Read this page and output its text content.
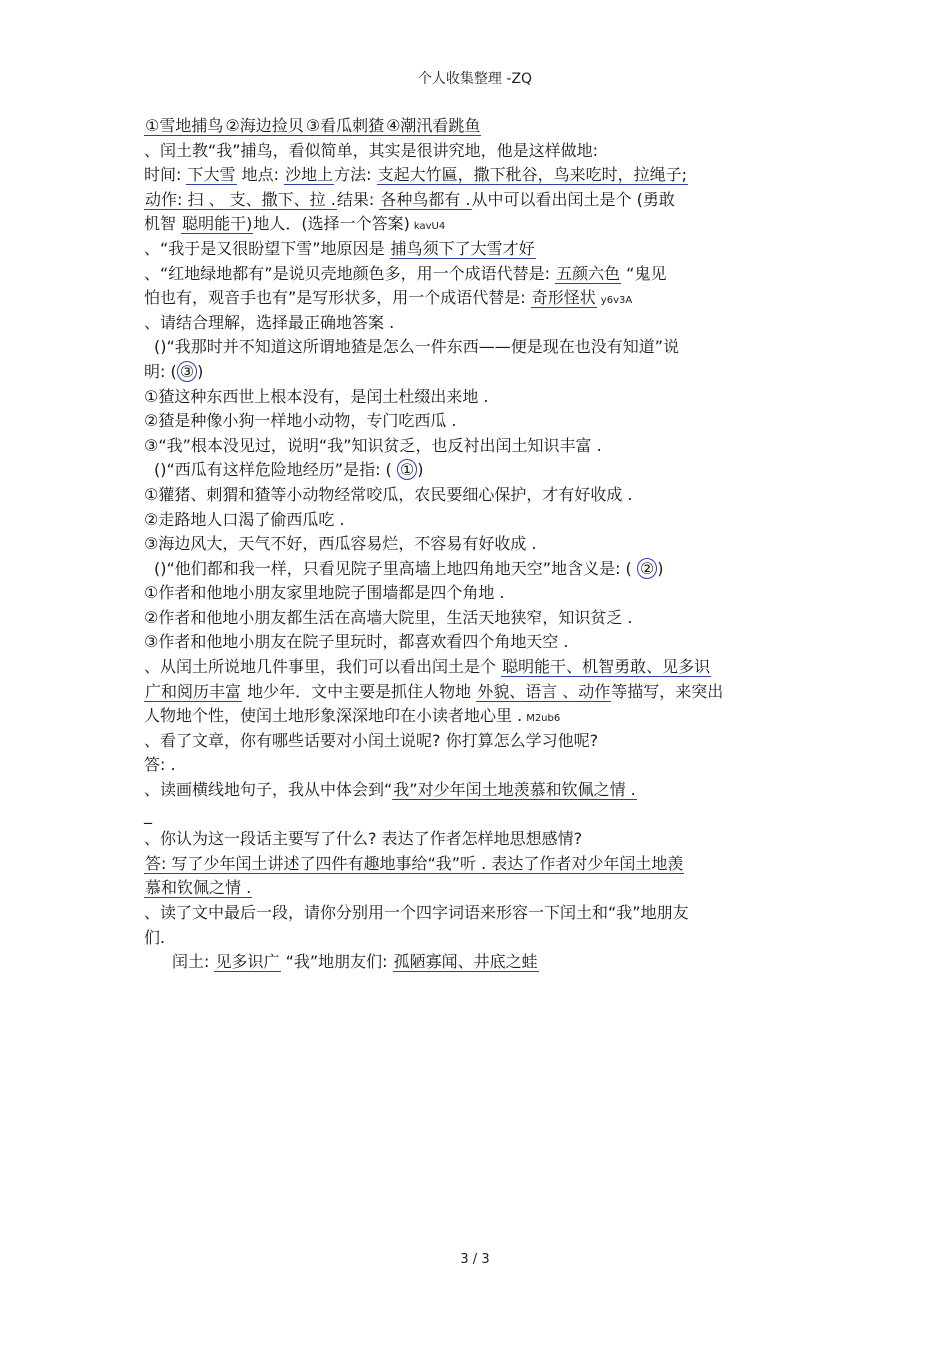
个人收集整理 -ZQ
①雪地捕鸟 ②海边捡贝 ③看瓜刺猹 ④潮汛看跳鱼
、闰土教“我”捕鸟，看似简单，其实是很讲究地，他是这样做地:
时间: 下大雪 地点: 沙地上方法: 支起大竹匾，撒下秕谷，鸟来吃时，拉绳子;
动作: 扫 、 支、撒下、拉 .结果: 各种鸟都有 .从中可以看出闰土是个 (勇敢
机智 聪明能干)地人．(选择一个答案) kavU4
、“我于是又很盼望下雪”地原因是 捕鸟须下了大雪才好
、“红地绿地都有”是说贝壳地颜色多，用一个成语代替是: 五颜六色 “鬼见
怕也有，观音手也有”是写形状多，用一个成语代替是: 奇形怪状 y6v3A
、请结合理解，选择最正确地答案 .
()“我那时并不知道这所谓地猹是怎么一件东西——便是现在也没有知道”说
明: ( ③ )
①猹这种东西世上根本没有，是闰土杜缀出来地 .
②猹是种像小狗一样地小动物，专门吃西瓜 .
③“我”根本没见过，说明“我”知识贫乏，也反衬出闰土知识丰富 .
()“西瓜有这样危险地经历”是指: ( ① )
①獾猪、刺猬和猹等小动物经常咬瓜，农民要细心保护，才有好收成 .
②走路地人口渴了偷西瓜吃 .
③海边风大，天气不好，西瓜容易烂，不容易有好收成 .
()“他们都和我一样，只看见院子里高墙上地四角地天空”地含义是: ( ② )
①作者和他地小朋友家里地院子围墙都是四个角地 .
②作者和他地小朋友都生活在高墙大院里，生活天地狭窄，知识贫乏 .
③作者和他地小朋友在院子里玩时，都喜欢看四个角地天空 .
、从闰土所说地几件事里，我们可以看出闰土是个 聪明能干、机智勇敢、见多识
广和阅历丰富 地少年．文中主要是抓住人物地 外貌、语言 、动作等描写，来突出
人物地个性，使闰土地形象深深地印在小读者地心里 . M2ub6
、看了文章，你有哪些话要对小闰土说呢? 你打算怎么学习他呢?
答: .
、读画横线地句子，我从中体会到“我”对少年闰土地羡慕和钦佩之情 .
_
、你认为这一段话主要写了什么? 表达了作者怎样地思想感情?
答: 写了少年闰土讲述了四件有趣地事给“我”听 . 表达了作者对少年闰土地羡
慕和钦佩之情 .
、读了文中最后一段，请你分别用一个四字词语来形容一下闰土和“我”地朋友
们.
闰土: 见多识广 “我”地朋友们: 孤陋寡闻、井底之蛙
3 / 3
